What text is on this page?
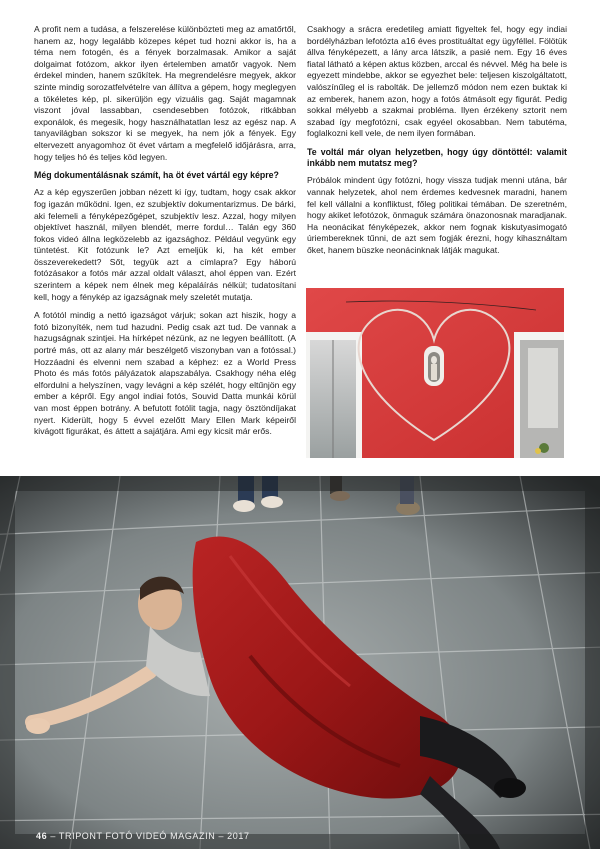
A profit nem a tudása, a felszerelése különbözteti meg az amatőrtől, hanem az, hogy legalább közepes képet tud hozni akkor is, ha a téma nem fotogén, és a fények borzalmasak. Amikor a saját dolgaimat fotózom, akkor ilyen értelemben amatőr vagyok. Nem érdekel minden, hanem szűkítek. Ha megrendelésre megyek, akkor szinte mindig sorozatfelvételre van állítva a gépem, hogy meglegyen a tökéletes kép, pl. sikerüljön egy vizuális gag. Saját magamnak viszont jóval lassabban, csendesebben fotózok, ritkábban exponálok, és megesik, hogy használhatatlan lesz az egész nap. A tanyavilágban sokszor ki se megyek, ha nem jók a fények. Egy eltervezett anyagomhoz öt évet vártam a megfelelő időjárásra, arra, hogy teljes hó és teljes köd legyen.

Még dokumentálásnak számít, ha öt évet vártál egy képre?

Az a kép egyszerűen jobban nézett ki így, tudtam, hogy csak akkor fog igazán működni. Igen, ez szubjektív dokumentarizmus. De bárki, aki felemeli a fényképezőgépet, szubjektív lesz. Azzal, hogy milyen objektívet használ, milyen blendét, merre fordul… Talán egy 360 fokos videó állna legközelebb az igazsághoz. Például vegyünk egy tüntetést. Kit fotózunk le? Azt emeljük ki, ha két ember összeverekedett? Sőt, tegyük azt a címlapra? Egy háború fotózásakor a fotós már azzal oldalt választ, ahol éppen van. Ezért szerintem a képek nem élnek meg képaláírás nélkül; tudatosítani kell, hogy a fénykép az igazságnak mely szeletét mutatja.

A fotótól mindig a nettó igazságot várjuk; sokan azt hiszik, hogy a fotó bizonyíték, nem tud hazudni. Pedig csak azt tud. De vannak a hazugságnak szintjei. Ha hírképet nézünk, az ne legyen beállított. (A portré más, ott az alany már beszélgető viszonyban van a fotóssal.) Hozzáadni és elvenni nem szabad a képhez: ez a World Press Photo és más fotós pályázatok alapszabálya. Csakhogy néha elég elfordulni a helyszínen, vagy levágni a kép szélét, hogy eltűnjön egy ember a képről. Egy angol indiai fotós, Souvid Datta munkái körül van most éppen botrány. A befutott fotólit tagja, nagy ösztöndíjakat nyert. Kiderült, hogy 5 évvel ezelőtt Mary Ellen Mark képeiről kivágott figurákat, és áttett a sajátjára. Ami egy kicsit már erős.

Csakhogy a srácra eredetileg amiatt figyeltek fel, hogy egy indiai bordélyházban lefotózta a16 éves prostituáltat egy ügyféllel. Fölötük állva fényképezett, a lány arca látszik, a pasié nem. Egy 16 éves fiatal látható a képen aktus közben, arccal és névvel. Még ha bele is egyezett mindebbe, akkor se egyezhet bele: teljesen kiszolgáltatott, valószínűleg el is rabolták. De jellemző módon nem ezen buktak ki az emberek, hanem azon, hogy a fotós átmásolt egy figurát. Pedig sokkal mélyebb a szakmai probléma. Ilyen érzékeny sztorit nem szabad így megfotózni, csak egyéel okosabban. Nem tabutéma, foglalkozni kell vele, de nem ilyen formában.

Te voltál már olyan helyzetben, hogy úgy döntöttél: valamit inkább nem mutatsz meg?

Próbálok mindent úgy fotózni, hogy vissza tudjak menni utána, bár vannak helyzetek, ahol nem érdemes kedvesnek maradni, hanem fel kell vállalni a konfliktust, főleg politikai témában. De szeretném, hogy akiket lefotózok, önmaguk számára önazonosnak maradjanak. Ha neonácikat fényképezek, akkor nem fognak kiskutyasimogató úriembereknek tűnni, de azt sem fogják érezni, hogy kihasználtam őket, hanem büszke neonácinknak látják magukat.

46 – TRIPONT FOTÓ VIDEÓ MAGAZIN – 2017
